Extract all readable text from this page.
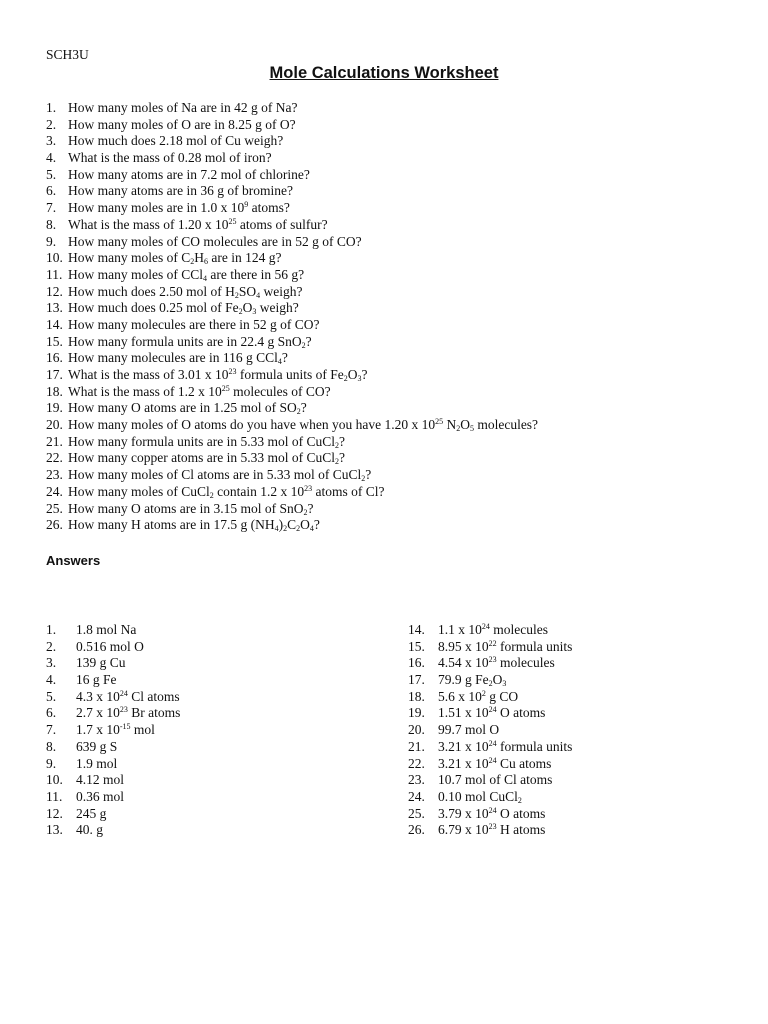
SCH3U
Mole Calculations Worksheet
1. How many moles of Na are in 42 g of Na?
2. How many moles of O are in 8.25 g of O?
3. How much does 2.18 mol of Cu weigh?
4. What is the mass of 0.28 mol of iron?
5. How many atoms are in 7.2 mol of chlorine?
6. How many atoms are in 36 g of bromine?
7. How many moles are in 1.0 x $10^9$ atoms?
8. What is the mass of 1.20 x $10^{25}$ atoms of sulfur?
9. How many moles of CO molecules are in 52 g of CO?
10. How many moles of $C_2H_6$ are in 124 g?
11. How many moles of CCl$_4$ are there in 56 g?
12. How much does 2.50 mol of $H_2SO_4$ weigh?
13. How much does 0.25 mol of $Fe_2O_3$ weigh?
14. How many molecules are there in 52 g of CO?
15. How many formula units are in 22.4 g SnO$_2$?
16. How many molecules are in 116 g CCl$_4$?
17. What is the mass of 3.01 x $10^{23}$ formula units of $Fe_2O_3$?
18. What is the mass of 1.2 x $10^{25}$ molecules of CO?
19. How many O atoms are in 1.25 mol of $SO_2$?
20. How many moles of O atoms do you have when you have 1.20 x $10^{25}$ $N_2O_5$ molecules?
21. How many formula units are in 5.33 mol of CuCl$_2$?
22. How many copper atoms are in 5.33 mol of CuCl$_2$?
23. How many moles of Cl atoms are in 5.33 mol of CuCl$_2$?
24. How many moles of CuCl$_2$ contain 1.2 x $10^{23}$ atoms of Cl?
25. How many O atoms are in 3.15 mol of SnO$_2$?
26. How many H atoms are in 17.5 g $(NH_4)_2C_2O_4$?
Answers
1. 1.8 mol Na
2. 0.516 mol O
3. 139 g Cu
4. 16 g Fe
5. 4.3 x $10^{24}$ Cl atoms
6. 2.7 x $10^{23}$ Br atoms
7. 1.7 x $10^{-15}$ mol
8. 639 g S
9. 1.9 mol
10. 4.12 mol
11. 0.36 mol
12. 245 g
13. 40. g
14. 1.1 x $10^{24}$ molecules
15. 8.95 x $10^{22}$ formula units
16. 4.54 x $10^{23}$ molecules
17. 79.9 g $Fe_2O_3$
18. 5.6 x $10^2$ g CO
19. 1.51 x $10^{24}$ O atoms
20. 99.7 mol O
21. 3.21 x $10^{24}$ formula units
22. 3.21 x $10^{24}$ Cu atoms
23. 10.7 mol of Cl atoms
24. 0.10 mol CuCl$_2$
25. 3.79 x $10^{24}$ O atoms
26. 6.79 x $10^{23}$ H atoms
